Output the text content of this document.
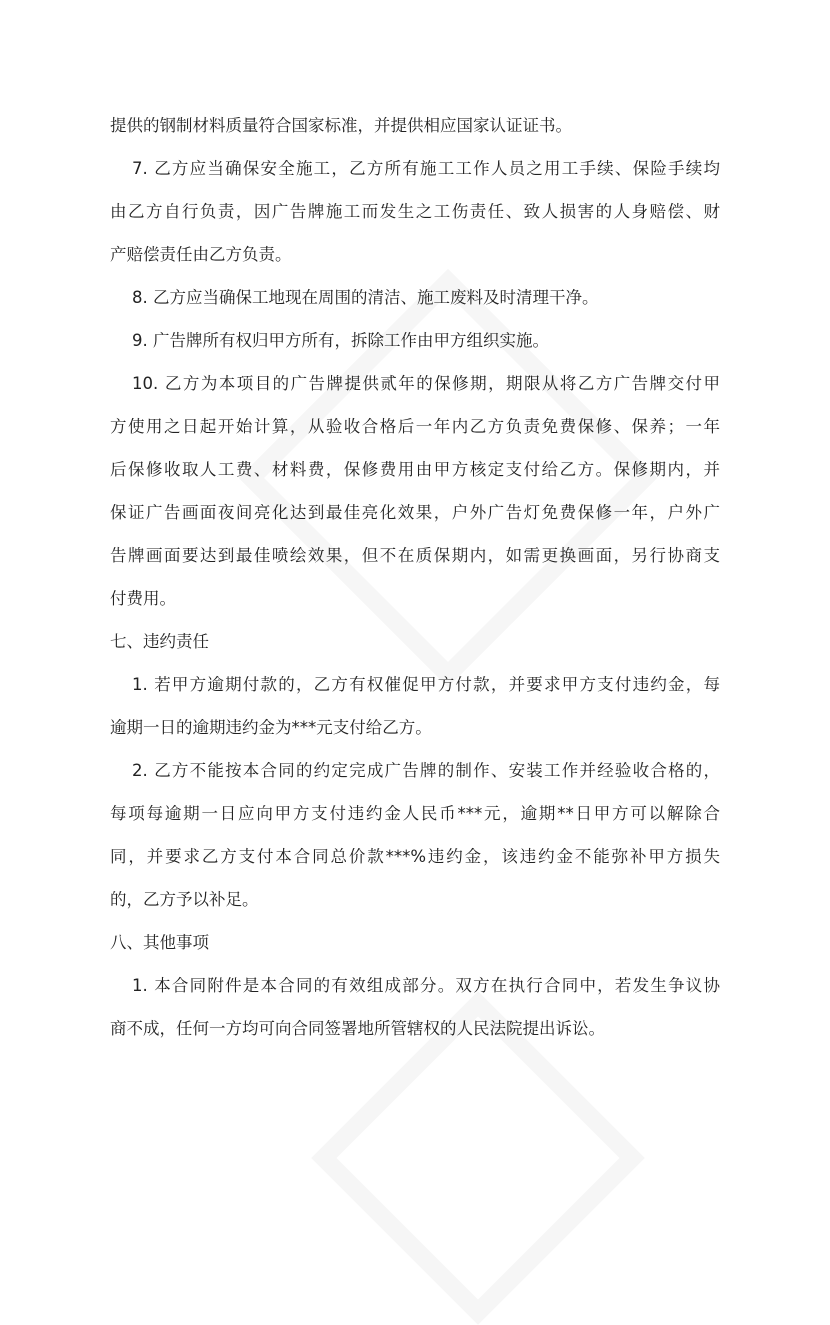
提供的钢制材料质量符合国家标准，并提供相应国家认证证书。
7. 乙方应当确保安全施工，乙方所有施工工作人员之用工手续、保险手续均
由乙方自行负责，因广告牌施工而发生之工伤责任、致人损害的人身赔偿、财
产赔偿责任由乙方负责。
8. 乙方应当确保工地现在周围的清洁、施工废料及时清理干净。
9. 广告牌所有权归甲方所有，拆除工作由甲方组织实施。
10. 乙方为本项目的广告牌提供贰年的保修期，期限从将乙方广告牌交付甲
方使用之日起开始计算，从验收合格后一年内乙方负责免费保修、保养；一年
后保修收取人工费、材料费，保修费用由甲方核定支付给乙方。保修期内，并
保证广告画面夜间亮化达到最佳亮化效果，户外广告灯免费保修一年，户外广
告牌画面要达到最佳喷绘效果，但不在质保期内，如需更换画面，另行协商支
付费用。
七、违约责任
1. 若甲方逾期付款的，乙方有权催促甲方付款，并要求甲方支付违约金，每
逾期一日的逾期违约金为***元支付给乙方。
2. 乙方不能按本合同的约定完成广告牌的制作、安装工作并经验收合格的，
每项每逾期一日应向甲方支付违约金人民币***元，逾期**日甲方可以解除合
同，并要求乙方支付本合同总价款***%违约金，该违约金不能弥补甲方损失
的，乙方予以补足。
八、其他事项
1. 本合同附件是本合同的有效组成部分。双方在执行合同中，若发生争议协
商不成，任何一方均可向合同签署地所管辖权的人民法院提出诉讼。
